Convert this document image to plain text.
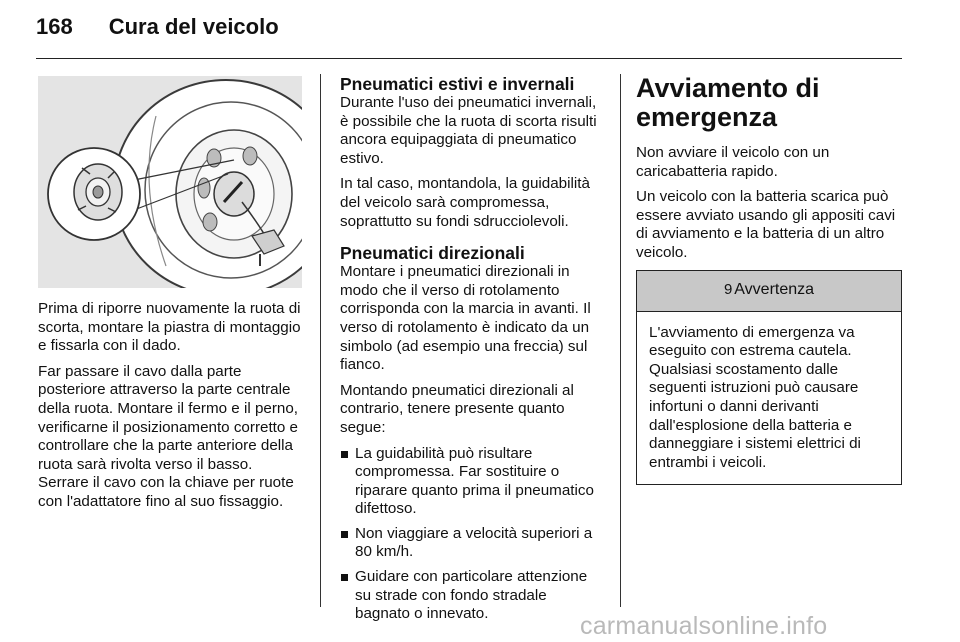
168 Cura del veicolo

Prima di riporre nuovamente la ruota di scorta, montare la piastra di montaggio e fissarla con il dado.

Far passare il cavo dalla parte posteriore attraverso la parte centrale della ruota. Montare il fermo e il perno, verificarne il posizionamento corretto e controllare che la parte anteriore della ruota sarà rivolta verso il basso. Serrare il cavo con la chiave per ruote con l'adattatore fino al suo fissaggio.

Pneumatici estivi e invernali

Durante l'uso dei pneumatici invernali, è possibile che la ruota di scorta risulti ancora equipaggiata di pneumatico estivo.

In tal caso, montandola, la guidabilità del veicolo sarà compromessa, soprattutto su fondi sdrucciolevoli.

Pneumatici direzionali

Montare i pneumatici direzionali in modo che il verso di rotolamento corrisponda con la marcia in avanti. Il verso di rotolamento è indicato da un simbolo (ad esempio una freccia) sul fianco.

Montando pneumatici direzionali al contrario, tenere presente quanto segue:

La guidabilità può risultare compromessa. Far sostituire o riparare quanto prima il pneumatico difettoso.
Non viaggiare a velocità superiori a 80 km/h.
Guidare con particolare attenzione su strade con fondo stradale bagnato o innevato.
Avviamento di emergenza

Non avviare il veicolo con un caricabatteria rapido.

Un veicolo con la batteria scarica può essere avviato usando gli appositi cavi di avviamento e la batteria di un altro veicolo.

9 Avvertenza
L'avviamento di emergenza va eseguito con estrema cautela. Qualsiasi scostamento dalle seguenti istruzioni può causare infortuni o danni derivanti dall'esplosione della batteria e danneggiare i sistemi elettrici di entrambi i veicoli.
carmanualsonline.info
